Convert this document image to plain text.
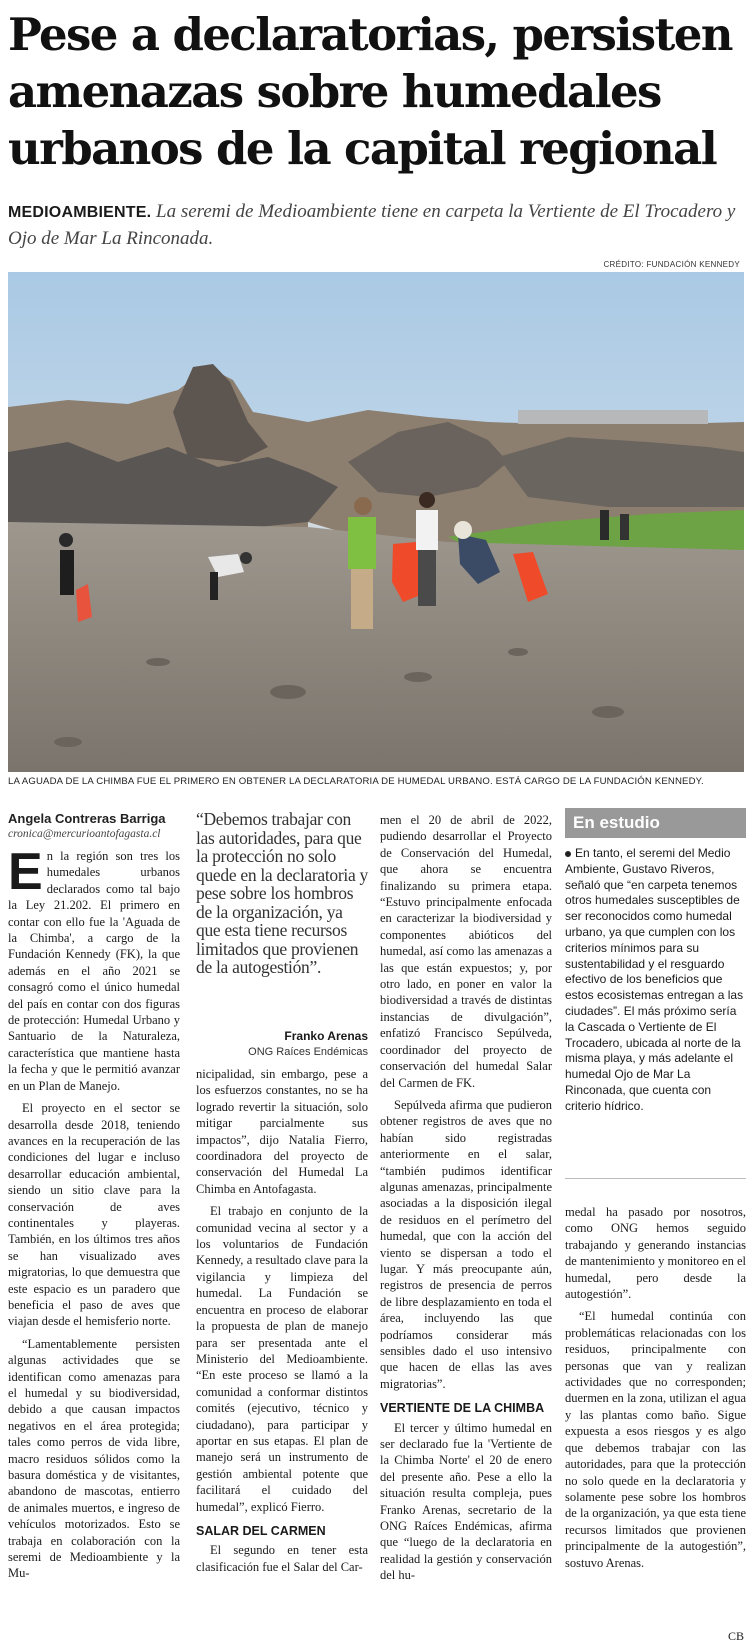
Pese a declaratorias, persisten amenazas sobre humedales urbanos de la capital regional
MEDIOAMBIENTE. La seremi de Medioambiente tiene en carpeta la Vertiente de El Trocadero y Ojo de Mar La Rinconada.
CRÉDITO: FUNDACIÓN KENNEDY
LA AGUADA DE LA CHIMBA FUE EL PRIMERO EN OBTENER LA DECLARATORIA DE HUMEDAL URBANO. ESTÁ CARGO DE LA FUNDACIÓN KENNEDY.
Angela Contreras Barriga
cronica@mercurioantofagasta.cl

En la región son tres los humedales urbanos declarados como tal bajo la Ley 21.202. El primero en contar con ello fue la 'Aguada de la Chimba', a cargo de la Fundación Kennedy (FK), la que además en el año 2021 se consagró como el único humedal del país en contar con dos figuras de protección: Humedal Urbano y Santuario de la Naturaleza, característica que mantiene hasta la fecha y que le permitió avanzar en un Plan de Manejo.

El proyecto en el sector se desarrolla desde 2018, teniendo avances en la recuperación de las condiciones del lugar e incluso desarrollar educación ambiental, siendo un sitio clave para la conservación de aves continentales y playeras. También, en los últimos tres años se han visualizado aves migratorias, lo que demuestra que este espacio es un paradero que beneficia el paso de aves que viajan desde el hemisferio norte.

“Lamentablemente persisten algunas actividades que se identifican como amenazas para el humedal y su biodiversidad, debido a que causan impactos negativos en el área protegida; tales como perros de vida libre, macro residuos sólidos como la basura doméstica y de visitantes, abandono de mascotas, entierro de animales muertos, e ingreso de vehículos motorizados. Esto se trabaja en colaboración con la seremi de Medioambiente y la Mu-

“Debemos trabajar con las autoridades, para que la protección no solo quede en la declaratoria y pese sobre los hombros de la organización, ya que esta tiene recursos limitados que provienen de la autogestión”.
Franko Arenas
ONG Raíces Endémicas

nicipalidad, sin embargo, pese a los esfuerzos constantes, no se ha logrado revertir la situación, solo mitigar parcialmente sus impactos”, dijo Natalia Fierro, coordinadora del proyecto de conservación del Humedal La Chimba en Antofagasta.

El trabajo en conjunto de la comunidad vecina al sector y a los voluntarios de Fundación Kennedy, a resultado clave para la vigilancia y limpieza del humedal. La Fundación se encuentra en proceso de elaborar la propuesta de plan de manejo para ser presentada ante el Ministerio del Medioambiente. “En este proceso se llamó a la comunidad a conformar distintos comités (ejecutivo, técnico y ciudadano), para participar y aportar en sus etapas. El plan de manejo será un instrumento de gestión ambiental potente que facilitará el cuidado del humedal”, explicó Fierro.

SALAR DEL CARMEN

El segundo en tener esta clasificación fue el Salar del Car-

men el 20 de abril de 2022, pudiendo desarrollar el Proyecto de Conservación del Humedal, que ahora se encuentra finalizando su primera etapa. “Estuvo principalmente enfocada en caracterizar la biodiversidad y componentes abióticos del humedal, así como las amenazas a las que están expuestos; y, por otro lado, en poner en valor la biodiversidad a través de distintas instancias de divulgación”, enfatizó Francisco Sepúlveda, coordinador del proyecto de conservación del humedal Salar del Carmen de FK.

Sepúlveda afirma que pudieron obtener registros de aves que no habían sido registradas anteriormente en el salar, “también pudimos identificar algunas amenazas, principalmente asociadas a la disposición ilegal de residuos en el perímetro del humedal, que con la acción del viento se dispersan a todo el lugar. Y más preocupante aún, registros de presencia de perros de libre desplazamiento en toda el área, incluyendo las que podríamos considerar más sensibles dado el uso intensivo que hacen de ellas las aves migratorias”.

VERTIENTE DE LA CHIMBA

El tercer y último humedal en ser declarado fue la 'Vertiente de la Chimba Norte' el 20 de enero del presente año. Pese a ello la situación resulta compleja, pues Franko Arenas, secretario de la ONG Raíces Endémicas, afirma que “luego de la declaratoria en realidad la gestión y conservación del hu-

En estudio
En tanto, el seremi del Medio Ambiente, Gustavo Riveros, señaló que “en carpeta tenemos otros humedales susceptibles de ser reconocidos como humedal urbano, ya que cumplen con los criterios mínimos para su sustentabilidad y el resguardo efectivo de los beneficios que estos ecosistemas entregan a las ciudades”. El más próximo sería la Cascada o Vertiente de El Trocadero, ubicada al norte de la misma playa, y más adelante el humedal Ojo de Mar La Rinconada, que cuenta con criterio hídrico.

medal ha pasado por nosotros, como ONG hemos seguido trabajando y generando instancias de mantenimiento y monitoreo en el humedal, pero desde la autogestión”.

“El humedal continúa con problemáticas relacionadas con los residuos, principalmente con personas que van y realizan actividades que no corresponden; duermen en la zona, utilizan el agua y las plantas como baño. Sigue expuesta a esos riesgos y es algo que debemos trabajar con las autoridades, para que la protección no solo quede en la declaratoria y solamente pese sobre los hombros de la organización, ya que esta tiene recursos limitados que provienen principalmente de la autogestión”, sostuvo Arenas.

CB
